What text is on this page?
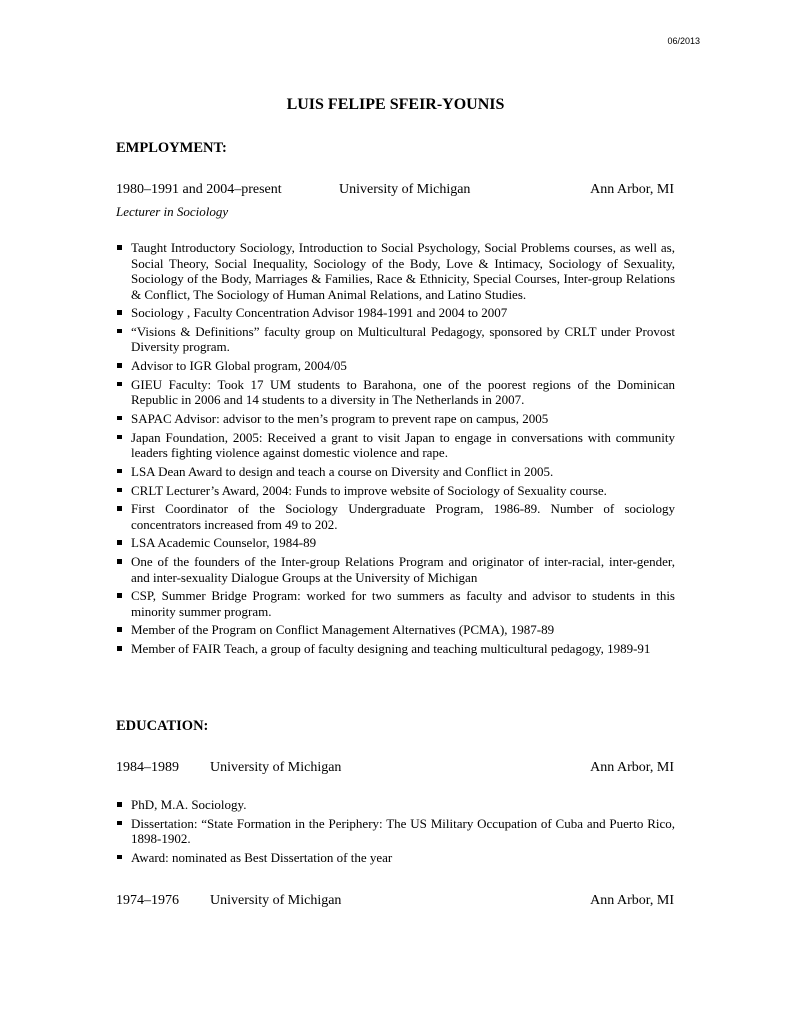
06/2013
LUIS FELIPE SFEIR-YOUNIS
EMPLOYMENT:
1980–1991 and 2004–present	University of Michigan	Ann Arbor, MI
Lecturer in Sociology
Taught Introductory Sociology, Introduction to Social Psychology, Social Problems courses, as well as, Social Theory, Social Inequality, Sociology of the Body, Love & Intimacy, Sociology of Sexuality, Sociology of the Body, Marriages & Families, Race & Ethnicity, Special Courses, Inter-group Relations & Conflict, The Sociology of Human Animal Relations, and Latino Studies.
Sociology , Faculty Concentration Advisor 1984-1991 and 2004 to 2007
“Visions & Definitions” faculty group on Multicultural Pedagogy, sponsored by CRLT under Provost Diversity program.
Advisor to IGR Global program, 2004/05
GIEU Faculty: Took 17 UM students to Barahona, one of the poorest regions of the Dominican Republic in 2006 and 14 students to a diversity in The Netherlands in 2007.
SAPAC Advisor: advisor to the men’s program to prevent rape on campus, 2005
Japan Foundation, 2005: Received a grant to visit Japan to engage in conversations with community leaders fighting violence against domestic violence and rape.
LSA Dean Award to design and teach a course on Diversity and Conflict in 2005.
CRLT Lecturer’s Award, 2004: Funds to improve website of Sociology of Sexuality course.
First Coordinator of the Sociology Undergraduate Program, 1986-89. Number of sociology concentrators increased from 49 to 202.
LSA Academic Counselor, 1984-89
One of the founders of the Inter-group Relations Program and originator of inter-racial, inter-gender, and inter-sexuality Dialogue Groups at the University of Michigan
CSP, Summer Bridge Program: worked for two summers as faculty and advisor to students in this minority summer program.
Member of the Program on Conflict Management Alternatives (PCMA), 1987-89
Member of FAIR Teach, a group of faculty designing and teaching multicultural pedagogy, 1989-91
EDUCATION:
1984–1989 University of Michigan	Ann Arbor, MI
PhD, M.A. Sociology.
Dissertation: “State Formation in the Periphery: The US Military Occupation of Cuba and Puerto Rico, 1898-1902.
Award: nominated as Best Dissertation of the year
1974–1976 University of Michigan	Ann Arbor, MI
